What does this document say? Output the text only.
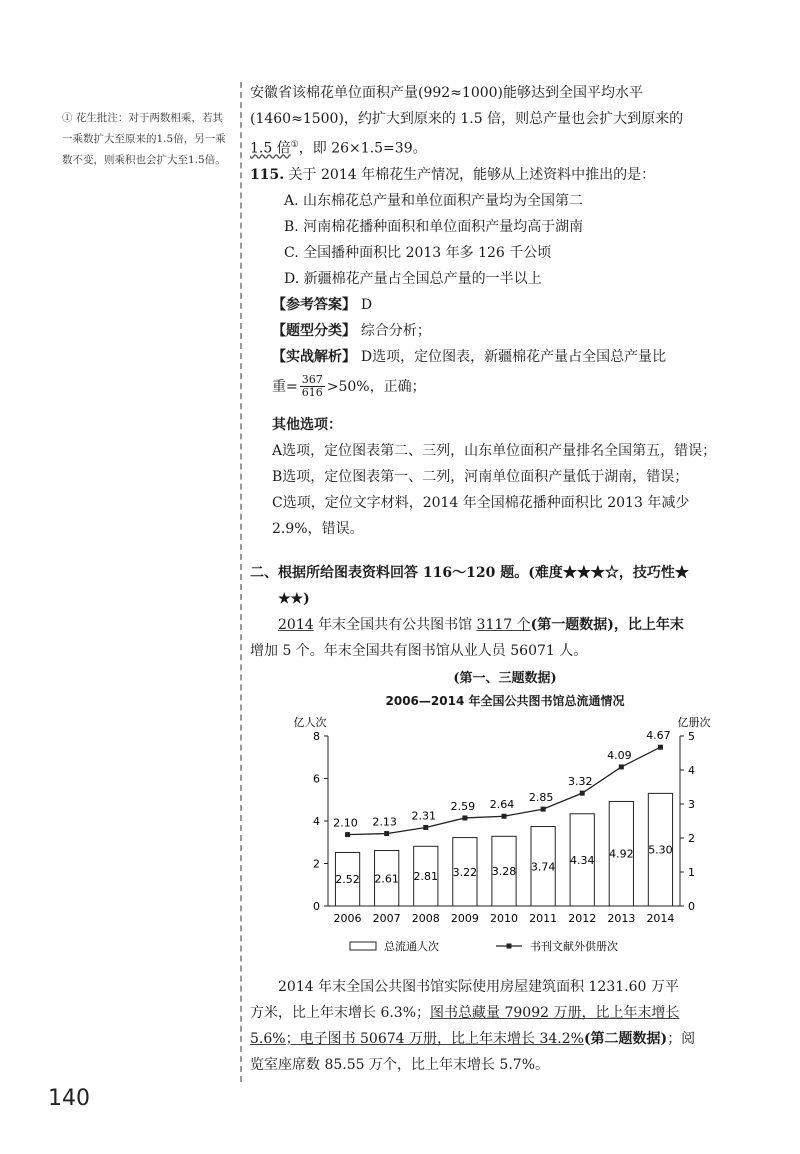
① 花生批注：对于两数相乘，若其一乘数扩大至原来的1.5倍，另一乘数不变，则乘积也会扩大至1.5倍。

安徽省该棉花单位面积产量(992≈1000)能够达到全国平均水平

(1460≈1500)，约扩大到原来的 1.5 倍，则总产量也会扩大到原来的

1.5 倍①，即 26×1.5=39。

115. 关于 2014 年棉花生产情况，能够从上述资料中推出的是：

A. 山东棉花总产量和单位面积产量均为全国第二

B. 河南棉花播种面积和单位面积产量均高于湖南

C. 全国播种面积比 2013 年多 126 千公顷

D. 新疆棉花产量占全国总产量的一半以上

【参考答案】 D

【题型分类】 综合分析；

【实战解析】 D选项，定位图表，新疆棉花产量占全国总产量比

重= $\frac{367}{616} >50\%$，正确；

其他选项：

A选项，定位图表第二、三列，山东单位面积产量排名全国第五，错误；

B选项，定位图表第一、二列，河南单位面积产量低于湖南，错误；

C选项，定位文字材料，2014 年全国棉花播种面积比 2013 年减少

2.9%，错误。

二、根据所给图表资料回答 116～120 题。(难度★★★☆，技巧性★

★★)

2014 年末全国共有公共图书馆 3117 个(第一题数据)，比上年末

增加 5 个。年末全国共有图书馆从业人员 56071 人。

(第一、三题数据)

2006—2014 年全国公共图书馆总流通情况

亿人次	亿册次
0
2
4
6
8
0
1
2
3
4
5
2.52 2.61 2.81 3.22 3.28 3.74 4.34 4.92 5.30
2006 2007 2008 2009 2010 2011 2012 2013 2014
2.10 2.13 2.31
2.59 2.64
2.85
3.32
4.09
4.67
总流通人次	书刊文献外供册次

2014 年末全国公共图书馆实际使用房屋建筑面积 1231.60 万平

方米，比上年末增长 6.3%；图书总藏量 79092 万册，比上年末增长

5.6%；电子图书 50674 万册，比上年末增长 34.2%(第二题数据)；阅

览室座席数 85.55 万个，比上年末增长 5.7%。

140
